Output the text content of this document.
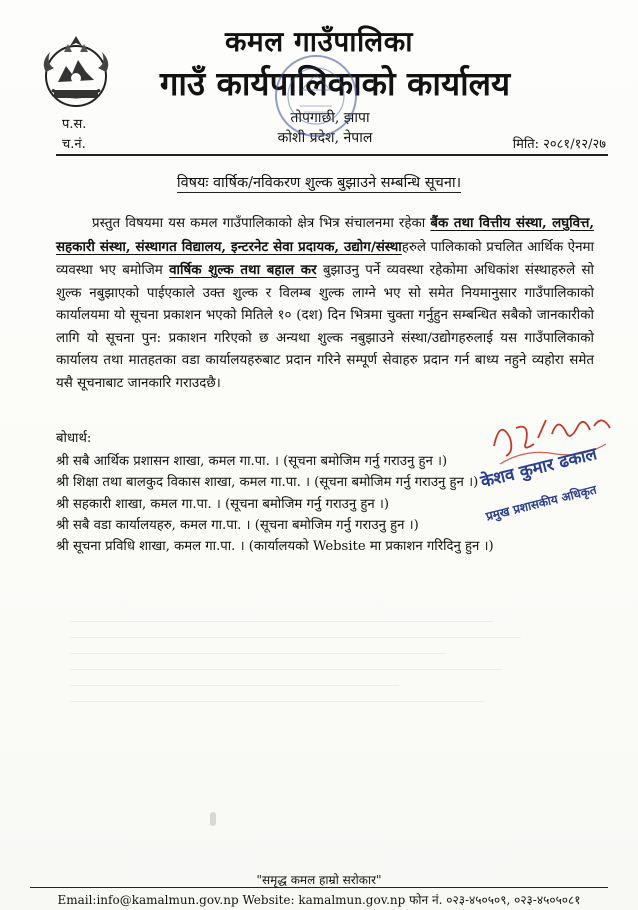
कमल गाउँपालिका
गाउँ कार्यपालिकाको कार्यालय
तोपगाछी, झापा
कोशी प्रदेश, नेपाल
प.स.
च.नं.	मिति: २०८१/१२/२७
विषयः वार्षिक/नविकरण शुल्क बुझाउने सम्बन्धि सूचना।
प्रस्तुत विषयमा यस कमल गाउँपालिकाको क्षेत्र भित्र संचालनमा रहेका बैंक तथा वित्तीय संस्था, लघुवित्त, सहकारी संस्था, संस्थागत विद्यालय, इन्टरनेट सेवा प्रदायक, उद्योग/संस्थाहरुले पालिकाको प्रचलित आर्थिक ऐनमा व्यवस्था भए बमोजिम वार्षिक शुल्क तथा बहाल कर बुझाउनु पर्ने व्यवस्था रहेकोमा अधिकांश संस्थाहरुले सो शुल्क नबुझाएको पाईएकाले उक्त शुल्क र विलम्ब शुल्क लाग्ने भए सो समेत नियमानुसार गाउँपालिकाको कार्यालयमा यो सूचना प्रकाशन भएको मितिले १० (दश) दिन भित्रमा चुक्ता गर्नुहुन सम्बन्धित सबैको जानकारीको लागि यो सूचना पुन: प्रकाशन गरिएको छ अन्यथा शुल्क नबुझाउने संस्था/उद्योगहरुलाई यस गाउँपालिकाको कार्यालय तथा मातहतका वडा कार्यालयहरुबाट प्रदान गरिने सम्पूर्ण सेवाहरु प्रदान गर्न बाध्य नहुने व्यहोरा समेत यसै सूचनाबाट जानकारि गराउदछै।
बोधार्थ:
श्री सबै आर्थिक प्रशासन शाखा, कमल गा.पा. । (सूचना बमोजिम गर्नु गराउनु हुन ।)
श्री शिक्षा तथा बालकुद विकास शाखा, कमल गा.पा. । (सूचना बमोजिम गर्नु गराउनु हुन ।)
श्री सहकारी शाखा, कमल गा.पा. । (सूचना बमोजिम गर्नु गराउनु हुन ।)
श्री सबै वडा कार्यालयहरु, कमल गा.पा. । (सूचना बमोजिम गर्नु गराउनु हुन ।)
श्री सूचना प्रविधि शाखा, कमल गा.पा. । (कार्यालयको Website मा प्रकाशन गरिदिनु हुन ।)
केशव कुमार ढकाल
प्रमुख प्रशासकीय अधिकृत
"समृद्ध कमल हाम्रो सरोकार"
Email:info@kamalmun.gov.np Website: kamalmun.gov.np फोन नं. ०२३-४५०५०९, ०२३-४५०५०८१
